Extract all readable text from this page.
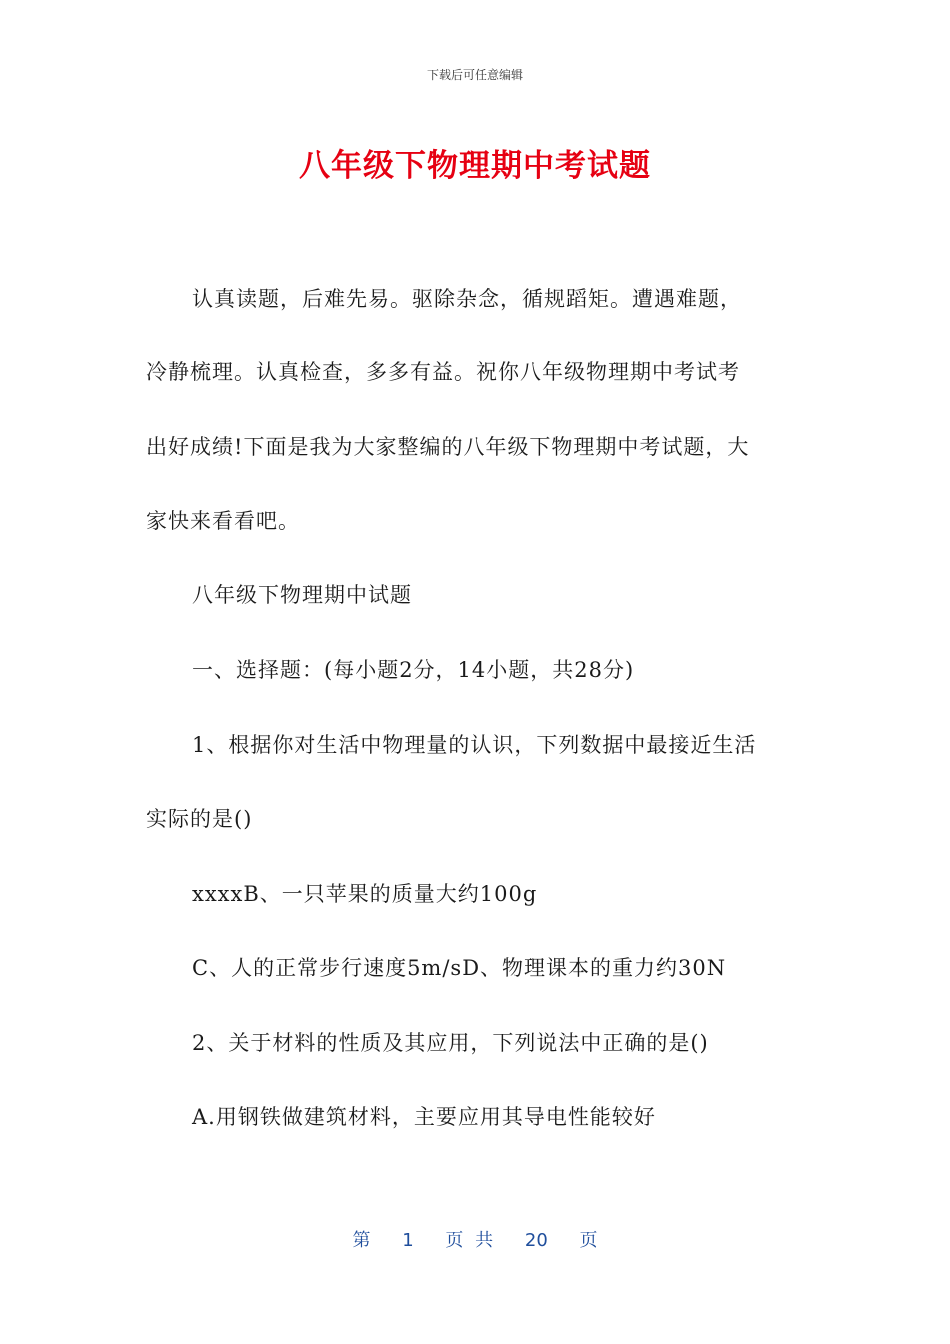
下载后可任意编辑
八年级下物理期中考试题
认真读题，后难先易。驱除杂念，循规蹈矩。遭遇难题，
冷静梳理。认真检查，多多有益。祝你八年级物理期中考试考
出好成绩!下面是我为大家整编的八年级下物理期中考试题，大
家快来看看吧。
八年级下物理期中试题
一、选择题：(每小题2分，14小题，共28分)
1、根据你对生活中物理量的认识，下列数据中最接近生活
实际的是()
xxxxB、一只苹果的质量大约100g
C、人的正常步行速度5m/sD、物理课本的重力约30N
2、关于材料的性质及其应用，下列说法中正确的是()
A.用钢铁做建筑材料，主要应用其导电性能较好
第 1 页 共 20 页
